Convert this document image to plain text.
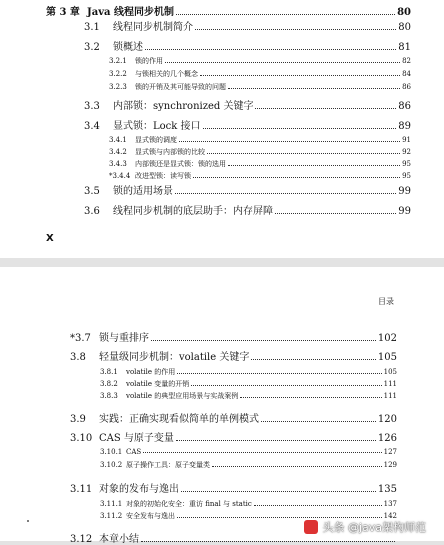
第 3 章 Java 线程同步机制	80
3.1	线程同步机制简介	80
3.2	锁概述	81
3.2.1	锁的作用	82
3.2.2	与锁相关的几个概念	84
3.2.3	锁的开销及其可能导致的问题	86
3.3	内部锁：synchronized 关键字	86
3.4	显式锁：Lock 接口	89
3.4.1	显式锁的调度	91
3.4.2	显式锁与内部锁的比较	92
3.4.3	内部锁还是显式锁：锁的选用	95
*3.4.4 改进型锁：读写锁	95
3.5	锁的适用场景	99
3.6	线程同步机制的底层助手：内存屏障	99
X
目录
*3.7 锁与重排序	102
3.8	轻量级同步机制：volatile 关键字	105
3.8.1	volatile 的作用	105
3.8.2	volatile 变量的开销	111
3.8.3	volatile 的典型应用场景与实战案例	111
3.9	实践：正确实现看似简单的单例模式	120
3.10 CAS 与原子变量	126
3.10.1 CAS	127
3.10.2 原子操作工具：原子变量类	129
3.11 对象的发布与逸出	135
3.11.1 对象的初始化安全：重访 final 与 static	137
3.11.2 安全发布与逸出	142
3.12 本章小结
头条 @java架构师范
